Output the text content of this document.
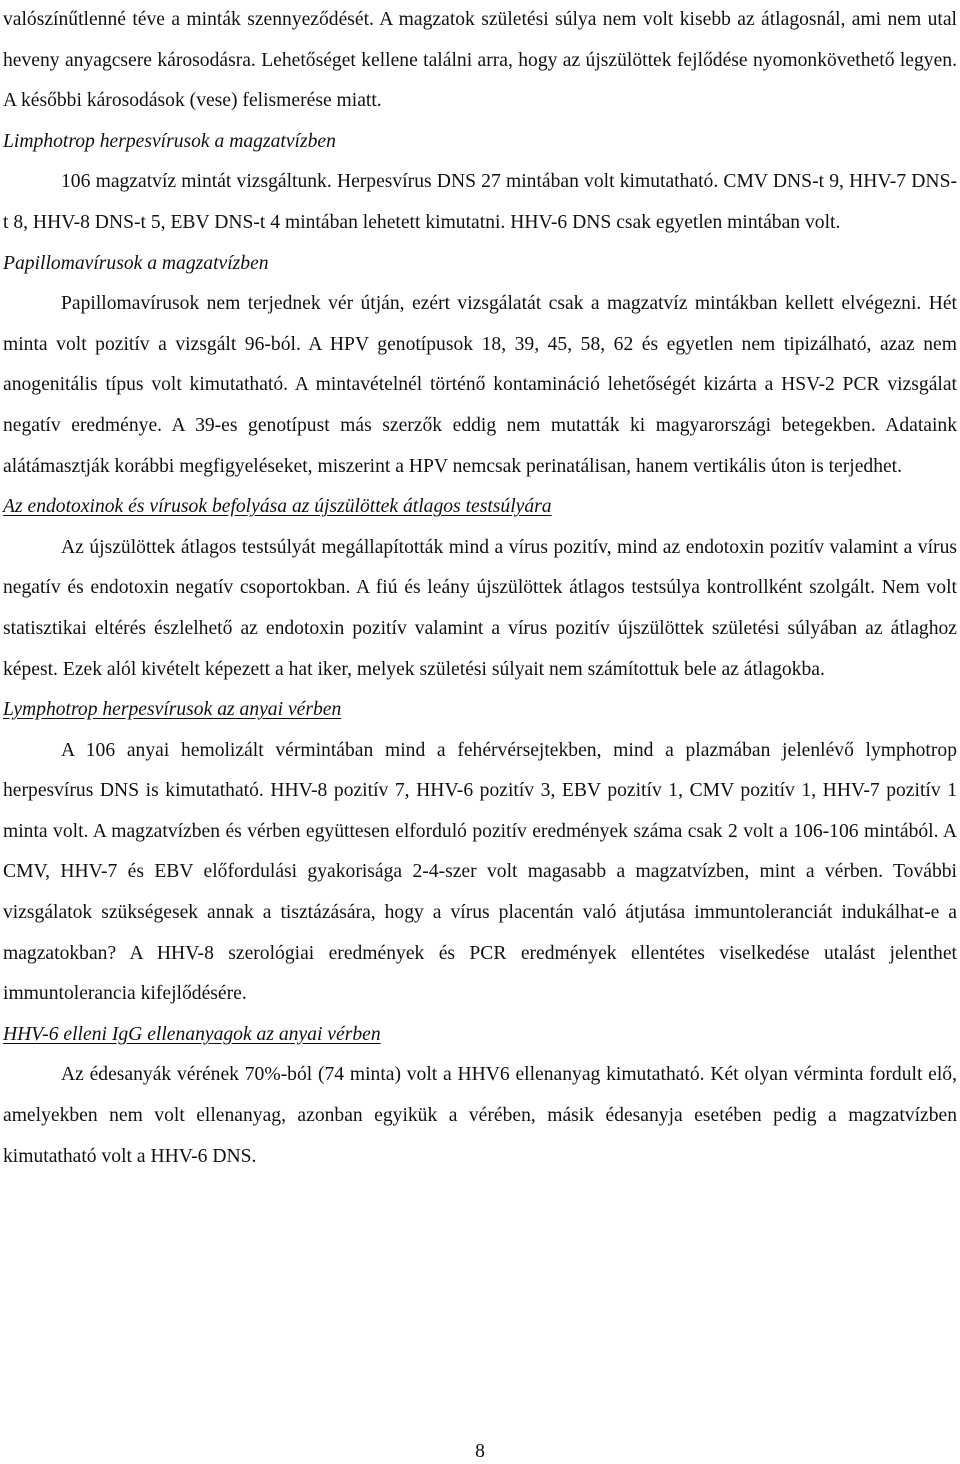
valószínűtlenné téve a minták szennyeződését. A magzatok születési súlya nem volt kisebb az átlagosnál, ami nem utal heveny anyagcsere károsodásra. Lehetőséget kellene találni arra, hogy az újszülöttek fejlődése nyomonkövethető legyen. A későbbi károsodások (vese) felismerése miatt.

Limphotrop herpesvírusok a magzatvízben

106 magzatvíz mintát vizsgáltunk. Herpesvírus DNS 27 mintában volt kimutatható. CMV DNS-t 9, HHV-7 DNS-t 8, HHV-8 DNS-t 5, EBV DNS-t 4 mintában lehetett kimutatni. HHV-6 DNS csak egyetlen mintában volt.

Papillomavírusok a magzatvízben

Papillomavírusok nem terjednek vér útján, ezért vizsgálatát csak a magzatvíz mintákban kellett elvégezni. Hét minta volt pozitív a vizsgált 96-ból. A HPV genotípusok 18, 39, 45, 58, 62 és egyetlen nem tipizálható, azaz nem anogenitális típus volt kimutatható. A mintavételnél történő kontamináció lehetőségét kizárta a HSV-2 PCR vizsgálat negatív eredménye. A 39-es genotípust más szerzők eddig nem mutatták ki magyarországi betegekben. Adataink alátámasztják korábbi megfigyeléseket, miszerint a HPV nemcsak perinatálisan, hanem vertikális úton is terjedhet.

Az endotoxinok és vírusok befolyása az újszülöttek átlagos testsúlyára

Az újszülöttek átlagos testsúlyát megállapították mind a vírus pozitív, mind az endotoxin pozitív valamint a vírus negatív és endotoxin negatív csoportokban. A fiú és leány újszülöttek átlagos testsúlya kontrollként szolgált. Nem volt statisztikai eltérés észlelhető az endotoxin pozitív valamint a vírus pozitív újszülöttek születési súlyában az átlaghoz képest. Ezek alól kivételt képezett a hat iker, melyek születési súlyait nem számítottuk bele az átlagokba.

Lymphotrop herpesvírusok az anyai vérben

A 106 anyai hemolizált vérmintában mind a fehérvérsejtekben, mind a plazmában jelenlévő lymphotrop herpesvírus DNS is kimutatható. HHV-8 pozitív 7, HHV-6 pozitív 3, EBV pozitív 1, CMV pozitív 1, HHV-7 pozitív 1 minta volt. A magzatvízben és vérben együttesen elforduló pozitív eredmények száma csak 2 volt a 106-106 mintából. A CMV, HHV-7 és EBV előfordulási gyakorisága 2-4-szer volt magasabb a magzatvízben, mint a vérben. További vizsgálatok szükségesek annak a tisztázására, hogy a vírus placentán való átjutása immuntoleranciát indukálhat-e a magzatokban? A HHV-8 szerológiai eredmények és PCR eredmények ellentétes viselkedése utalást jelenthet immuntolerancia kifejlődésére.

HHV-6 elleni IgG ellenanyagok az anyai vérben

Az édesanyák vérének 70%-ból (74 minta) volt a HHV6 ellenanyag kimutatható. Két olyan vérminta fordult elő, amelyekben nem volt ellenanyag, azonban egyikük a vérében, másik édesanyja esetében pedig a magzatvízben kimutatható volt a HHV-6 DNS.

8
